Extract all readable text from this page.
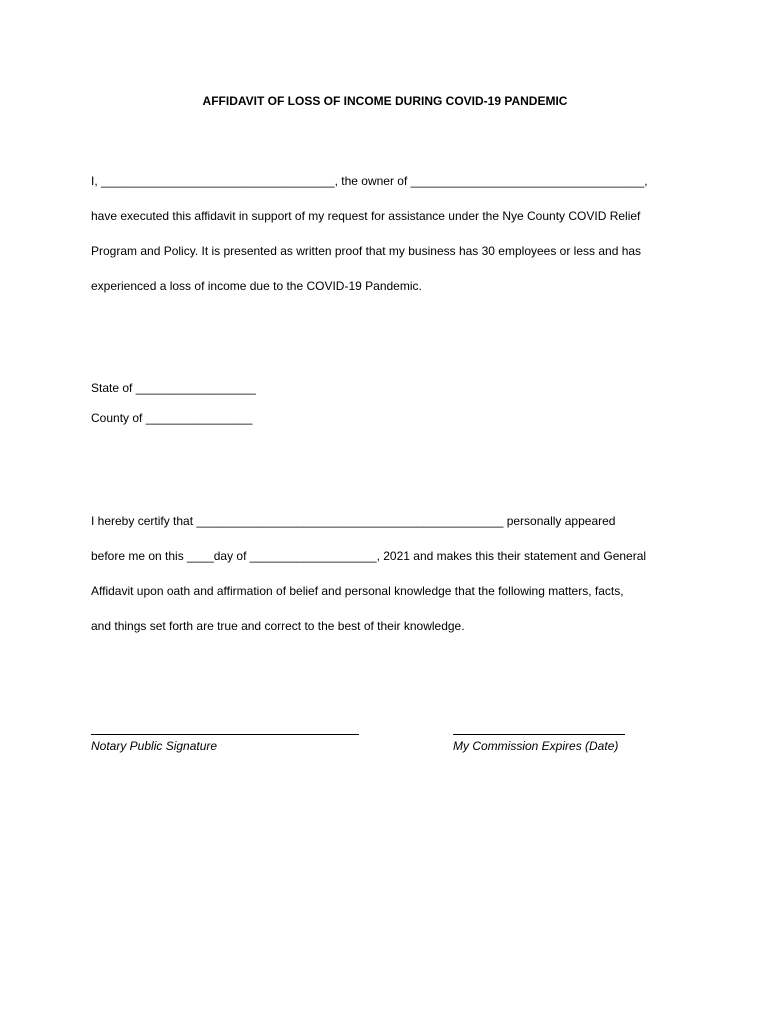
AFFIDAVIT OF LOSS OF INCOME DURING COVID-19 PANDEMIC
I, ___________________________________, the owner of ___________________________________,
have executed this affidavit in support of my request for assistance under the Nye County COVID Relief
Program and Policy. It is presented as written proof that my business has 30 employees or less and has
experienced a loss of income due to the COVID-19 Pandemic.
State of __________________
County of ________________
I hereby certify that ______________________________________________ personally appeared
before me on this ____day of ___________________, 2021 and makes this their statement and General
Affidavit upon oath and affirmation of belief and personal knowledge that the following matters, facts,
and things set forth are true and correct to the best of their knowledge.
Notary Public Signature	My Commission Expires (Date)
